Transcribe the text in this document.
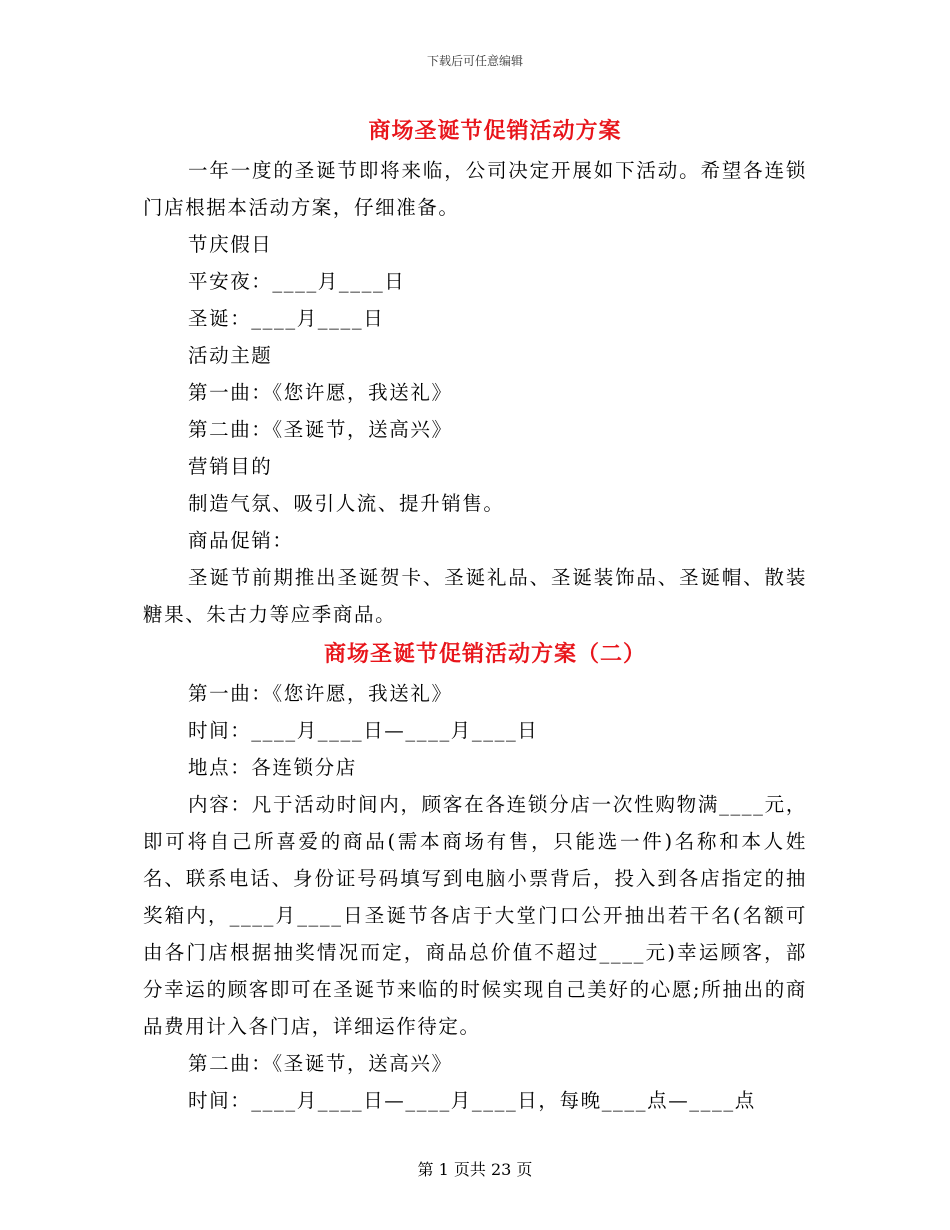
下载后可任意编辑
商场圣诞节促销活动方案

一年一度的圣诞节即将来临，公司决定开展如下活动。希望各连锁门店根据本活动方案，仔细准备。

节庆假日

平安夜：____月____日

圣诞：____月____日

活动主题

第一曲：《您许愿，我送礼》

第二曲：《圣诞节，送高兴》

营销目的

制造气氛、吸引人流、提升销售。

商品促销：

圣诞节前期推出圣诞贺卡、圣诞礼品、圣诞装饰品、圣诞帽、散装糖果、朱古力等应季商品。

商场圣诞节促销活动方案（二）

第一曲：《您许愿，我送礼》

时间：____月____日—____月____日

地点：各连锁分店

内容：凡于活动时间内，顾客在各连锁分店一次性购物满____元，即可将自己所喜爱的商品(需本商场有售，只能选一件)名称和本人姓名、联系电话、身份证号码填写到电脑小票背后，投入到各店指定的抽奖箱内，____月____日圣诞节各店于大堂门口公开抽出若干名(名额可由各门店根据抽奖情况而定，商品总价值不超过____元)幸运顾客，部分幸运的顾客即可在圣诞节来临的时候实现自己美好的心愿;所抽出的商品费用计入各门店，详细运作待定。

第二曲：《圣诞节，送高兴》

时间：____月____日—____月____日，每晚____点—____点

第 1 页共 23 页
